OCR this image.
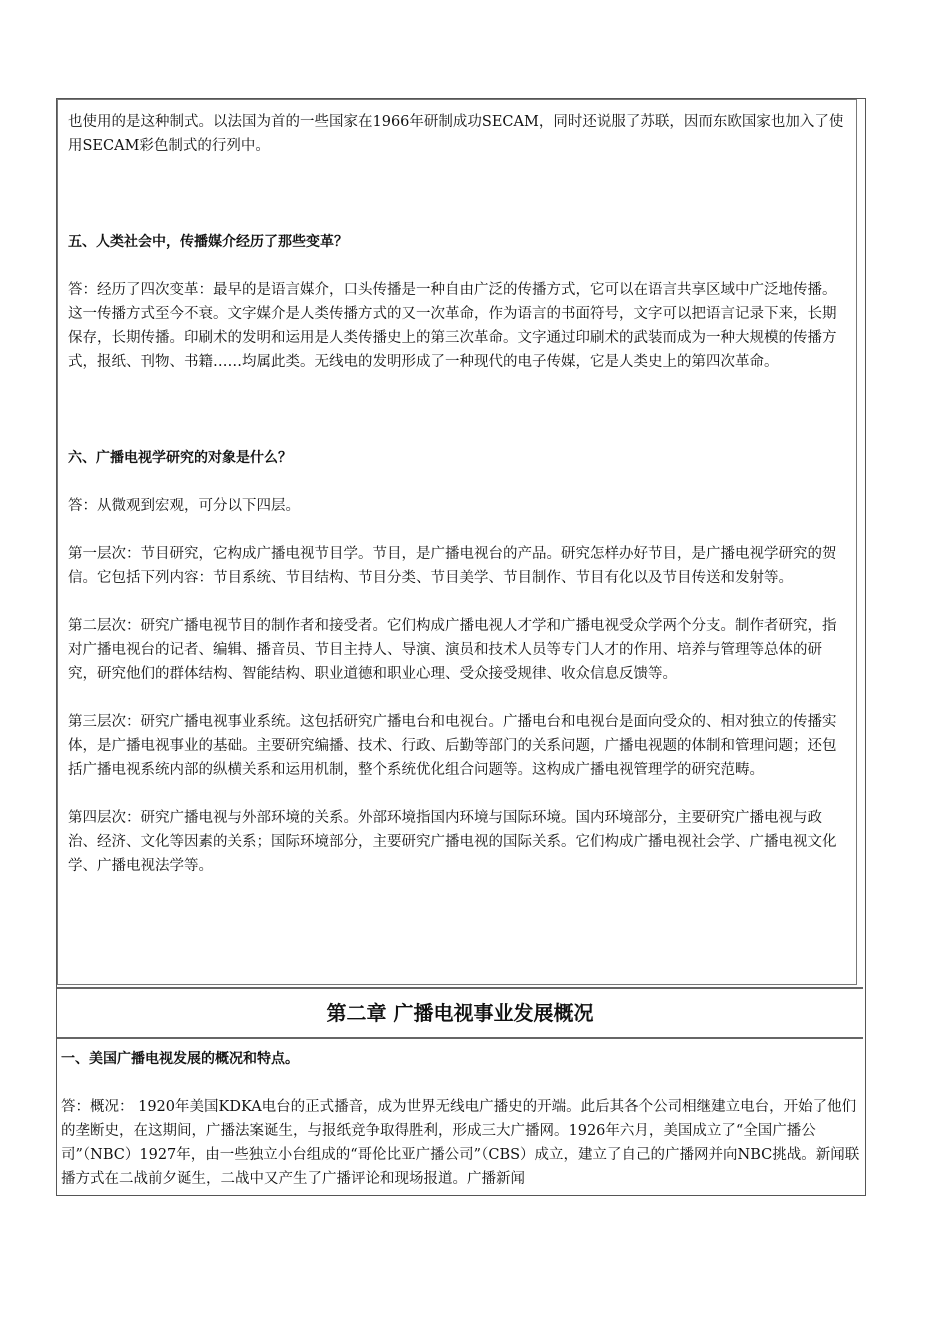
也使用的是这种制式。以法国为首的一些国家在1966年研制成功SECAM，同时还说服了苏联，因而东欧国家也加入了使用SECAM彩色制式的行列中。

五、人类社会中，传播媒介经历了那些变革？

答：经历了四次变革：最早的是语言媒介，口头传播是一种自由广泛的传播方式，它可以在语言共享区域中广泛地传播。这一传播方式至今不衰。文字媒介是人类传播方式的又一次革命，作为语言的书面符号，文字可以把语言记录下来，长期保存，长期传播。印刷术的发明和运用是人类传播史上的第三次革命。文字通过印刷术的武装而成为一种大规模的传播方式，报纸、刊物、书籍……均属此类。无线电的发明形成了一种现代的电子传媒，它是人类史上的第四次革命。

六、广播电视学研究的对象是什么？

答：从微观到宏观，可分以下四层。

第一层次：节目研究，它构成广播电视节目学。节目，是广播电视台的产品。研究怎样办好节目，是广播电视学研究的贺信。它包括下列内容：节目系统、节目结构、节目分类、节目美学、节目制作、节目有化以及节目传送和发射等。

第二层次：研究广播电视节目的制作者和接受者。它们构成广播电视人才学和广播电视受众学两个分支。制作者研究，指对广播电视台的记者、编辑、播音员、节目主持人、导演、演员和技术人员等专门人才的作用、培养与管理等总体的研究，研究他们的群体结构、智能结构、职业道德和职业心理、受众接受规律、收众信息反馈等。

第三层次：研究广播电视事业系统。这包括研究广播电台和电视台。广播电台和电视台是面向受众的、相对独立的传播实体，是广播电视事业的基础。主要研究编播、技术、行政、后勤等部门的关系问题，广播电视题的体制和管理问题；还包括广播电视系统内部的纵横关系和运用机制，整个系统优化组合问题等。这构成广播电视管理学的研究范畴。

第四层次：研究广播电视与外部环境的关系。外部环境指国内环境与国际环境。国内环境部分，主要研究广播电视与政治、经济、文化等因素的关系；国际环境部分，主要研究广播电视的国际关系。它们构成广播电视社会学、广播电视文化学、广播电视法学等。

第二章 广播电视事业发展概况

一、美国广播电视发展的概况和特点。

答：概况： 1920年美国KDKA电台的正式播音，成为世界无线电广播史的开端。此后其各个公司相继建立电台，开始了他们的垄断史，在这期间，广播法案诞生，与报纸竞争取得胜利，形成三大广播网。1926年六月，美国成立了“全国广播公司”（NBC）1927年，由一些独立小台组成的“哥伦比亚广播公司”（CBS）成立，建立了自己的广播网并向NBC挑战。新闻联播方式在二战前夕诞生，二战中又产生了广播评论和现场报道。广播新闻
